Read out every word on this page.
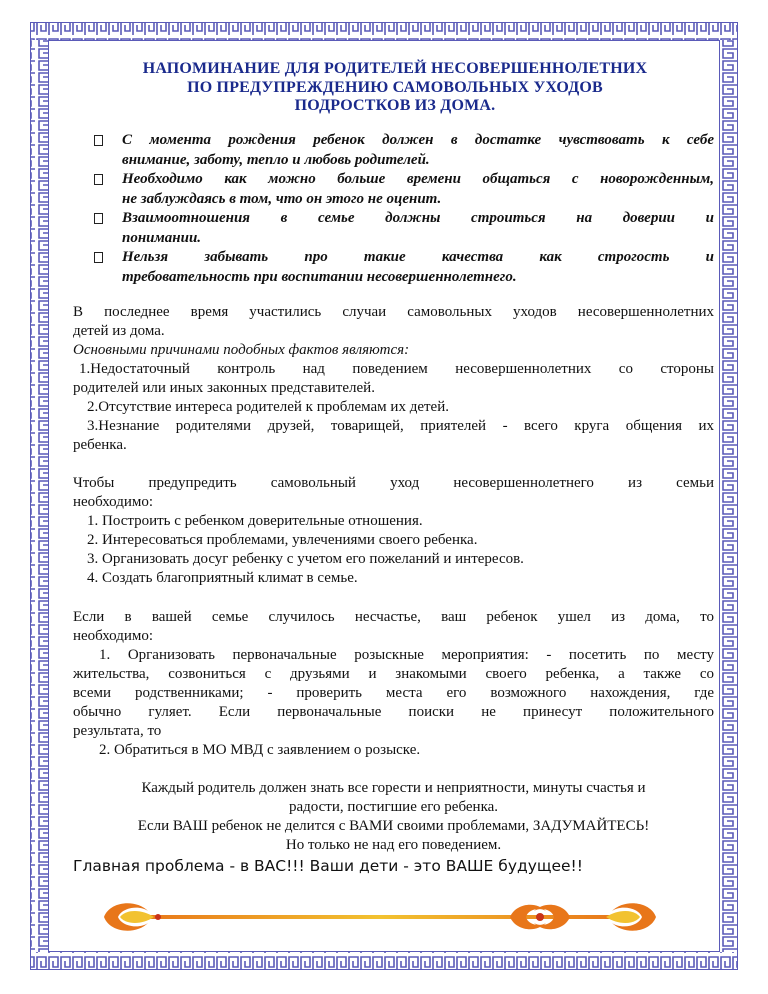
НАПОМИНАНИЕ ДЛЯ РОДИТЕЛЕЙ НЕСОВЕРШЕННОЛЕТНИХ
ПО ПРЕДУПРЕЖДЕНИЮ САМОВОЛЬНЫХ УХОДОВ
ПОДРОСТКОВ ИЗ ДОМА.
С момента рождения ребенок должен в достатке чувствовать к себе
внимание, заботу, тепло и любовь родителей.
Необходимо как можно больше времени общаться с новорожденным,
не заблуждаясь в том, что он этого не оценит.
Взаимоотношения в семье должны строиться на доверии и
понимании.
Нельзя забывать про такие качества как строгость и
требовательность при воспитании несовершеннолетнего.
В последнее время участились случаи самовольных уходов несовершеннолетних
детей из дома.
Основными причинами подобных фактов являются:
1.Недостаточный контроль над поведением несовершеннолетних со стороны
родителей или иных законных представителей.
2.Отсутствие интереса родителей к проблемам их детей.
3.Незнание родителями друзей, товарищей, приятелей - всего круга общения их
ребенка.
Чтобы предупредить самовольный уход несовершеннолетнего из семьи
необходимо:
1. Построить с ребенком доверительные отношения.
2. Интересоваться проблемами, увлечениями своего ребенка.
3. Организовать досуг ребенку с учетом его пожеланий и интересов.
4. Создать благоприятный климат в семье.
Если в вашей семье случилось несчастье, ваш ребенок ушел из дома, то
необходимо:
1. Организовать первоначальные розыскные мероприятия: - посетить по месту
жительства, созвониться с друзьями и знакомыми своего ребенка, а также со
всеми родственниками; - проверить места его возможного нахождения, где
обычно гуляет. Если первоначальные поиски не принесут положительного
результата, то
2. Обратиться в МО МВД с заявлением о розыске.
Каждый родитель должен знать все горести и неприятности, минуты счастья и
радости, постигшие его ребенка.
Если ВАШ ребенок не делится с ВАМИ своими проблемами, ЗАДУМАЙТЕСЬ!
Но только не над его поведением.
Главная проблема - в ВАС!!! Ваши дети - это ВАШЕ будущее!!
